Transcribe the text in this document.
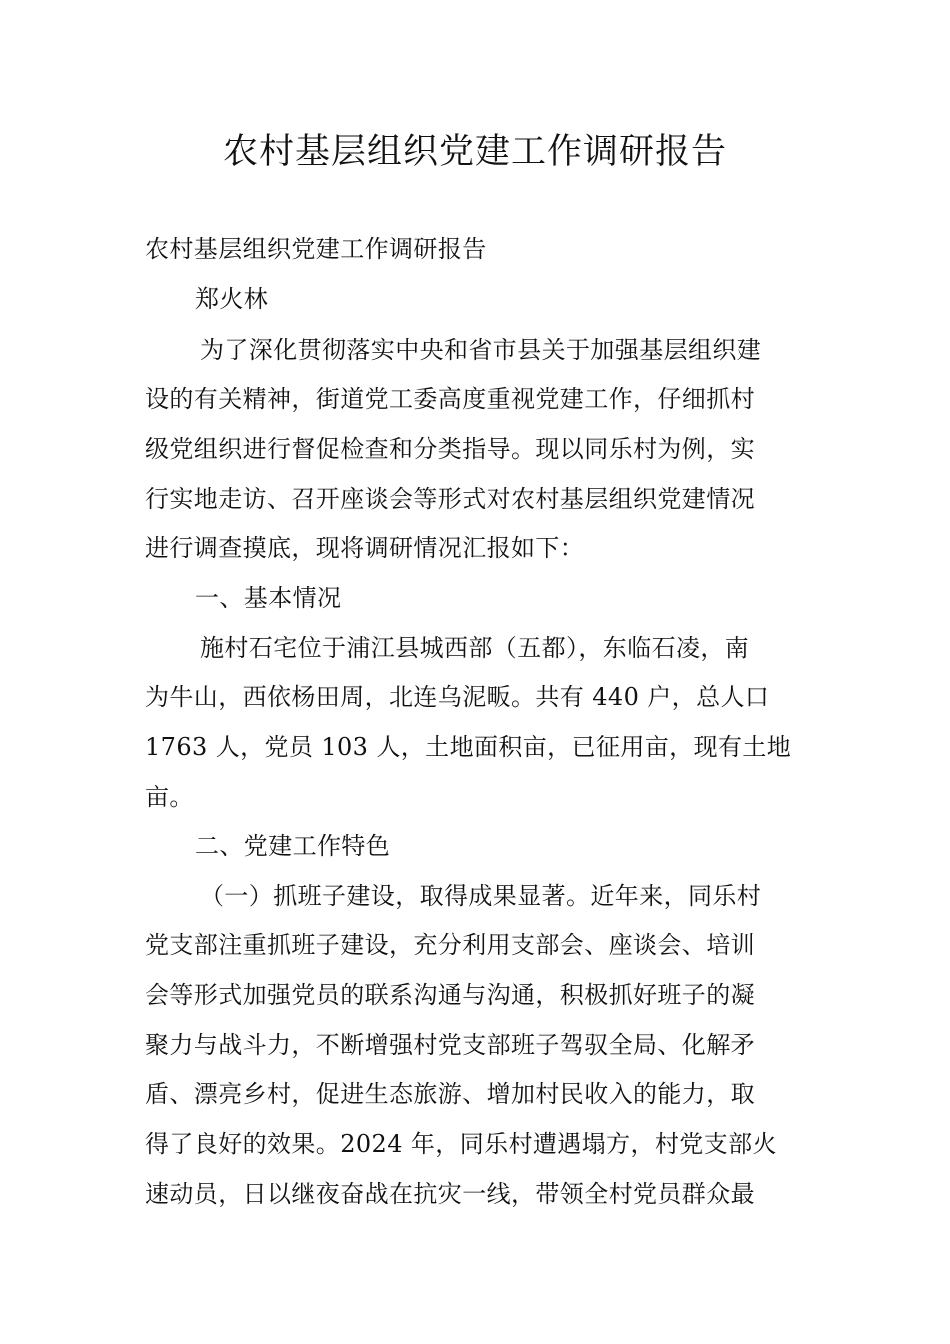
农村基层组织党建工作调研报告
农村基层组织党建工作调研报告
郑火林
为了深化贯彻落实中央和省市县关于加强基层组织建
设的有关精神，街道党工委高度重视党建工作，仔细抓村
级党组织进行督促检查和分类指导。现以同乐村为例，实
行实地走访、召开座谈会等形式对农村基层组织党建情况
进行调查摸底，现将调研情况汇报如下：
一、基本情况
施村石宅位于浦江县城西部（五都），东临石凌，南
为牛山，西依杨田周，北连乌泥畈。共有 440 户，总人口
1763 人，党员 103 人，土地面积亩，已征用亩，现有土地
亩。
二、党建工作特色
（一）抓班子建设，取得成果显著。近年来，同乐村
党支部注重抓班子建设，充分利用支部会、座谈会、培训
会等形式加强党员的联系沟通与沟通，积极抓好班子的凝
聚力与战斗力，不断增强村党支部班子驾驭全局、化解矛
盾、漂亮乡村，促进生态旅游、增加村民收入的能力，取
得了良好的效果。2024 年，同乐村遭遇塌方，村党支部火
速动员，日以继夜奋战在抗灾一线，带领全村党员群众最
